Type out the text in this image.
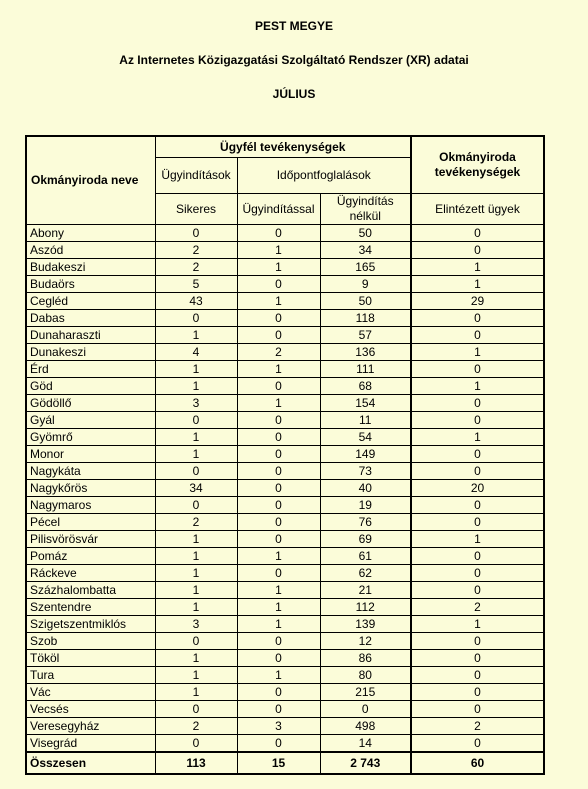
PEST MEGYE
Az Internetes Közigazgatási Szolgáltató Rendszer (XR) adatai
JÚLIUS
Okmányiroda neve	Ügyfél tevékenységek			Okmányiroda tevékenységek
	Ügyindítások	Időpontfoglalások		
	Sikeres	Ügyindítással	Ügyindítás nélkül	Elintézett ügyek
Abony	0	0	50	0
Aszód	2	1	34	0
Budakeszi	2	1	165	1
Budaörs	5	0	9	1
Cegléd	43	1	50	29
Dabas	0	0	118	0
Dunaharaszti	1	0	57	0
Dunakeszi	4	2	136	1
Érd	1	1	111	0
Göd	1	0	68	1
Gödöllő	3	1	154	0
Gyál	0	0	11	0
Gyömrő	1	0	54	1
Monor	1	0	149	0
Nagykáta	0	0	73	0
Nagykőrös	34	0	40	20
Nagymaros	0	0	19	0
Pécel	2	0	76	0
Pilisvörösvár	1	0	69	1
Pomáz	1	1	61	0
Ráckeve	1	0	62	0
Százhalombatta	1	1	21	0
Szentendre	1	1	112	2
Szigetszentmiklós	3	1	139	1
Szob	0	0	12	0
Tököl	1	0	86	0
Tura	1	1	80	0
Vác	1	0	215	0
Vecsés	0	0	0	0
Veresegyház	2	3	498	2
Visegrád	0	0	14	0
Összesen	113	15	2 743	60
